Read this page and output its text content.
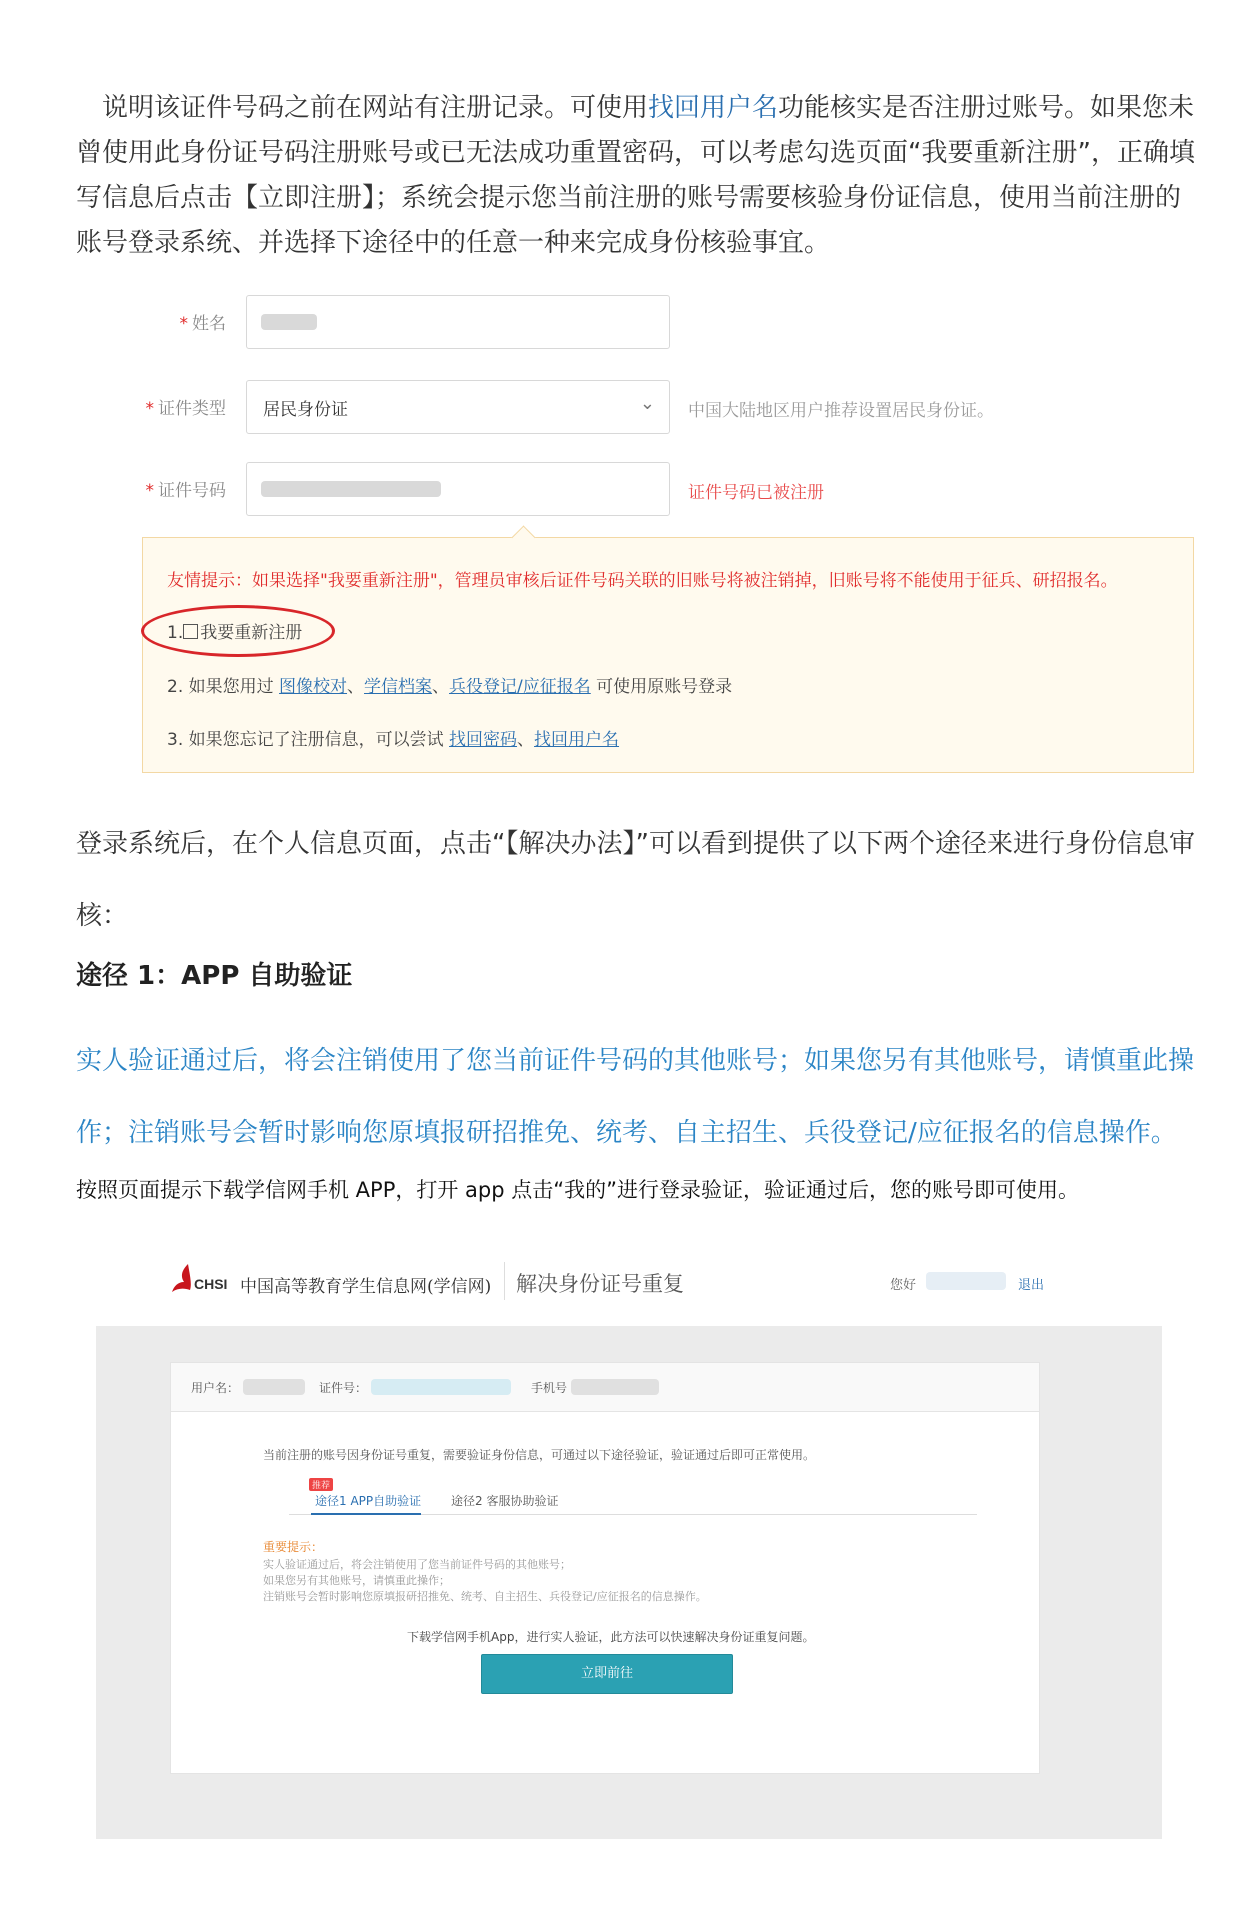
说明该证件号码之前在网站有注册记录。可使用找回用户名功能核实是否注册过账号。如果您未曾使用此身份证号码注册账号或已无法成功重置密码，可以考虑勾选页面“我要重新注册”，正确填写信息后点击【立即注册】；系统会提示您当前注册的账号需要核验身份证信息，使用当前注册的账号登录系统、并选择下途径中的任意一种来完成身份核验事宜。
* 姓名
* 证件类型 居民身份证	⌄ 中国大陆地区用户推荐设置居民身份证。
* 证件号码	证件号码已被注册
友情提示：如果选择"我要重新注册"，管理员审核后证件号码关联的旧账号将被注销掉，旧账号将不能使用于征兵、研招报名。
1. 我要重新注册
2. 如果您用过 图像校对、学信档案、兵役登记/应征报名 可使用原账号登录
3. 如果您忘记了注册信息，可以尝试 找回密码、找回用户名
登录系统后，在个人信息页面，点击“【解决办法】”可以看到提供了以下两个途径来进行身份信息审核：
途径 1：APP 自助验证
实人验证通过后，将会注销使用了您当前证件号码的其他账号；如果您另有其他账号，请慎重此操作；注销账号会暂时影响您原填报研招推免、统考、自主招生、兵役登记/应征报名的信息操作。
按照页面提示下载学信网手机 APP，打开 app 点击“我的”进行登录验证，验证通过后，您的账号即可使用。
CHSI 中国高等教育学生信息网(学信网) 解决身份证号重复	您好	退出
用户名：	证件号：	手机号
当前注册的账号因身份证号重复，需要验证身份信息，可通过以下途径验证，验证通过后即可正常使用。
推荐
途径1 APP自助验证 途径2 客服协助验证
重要提示：
实人验证通过后，将会注销使用了您当前证件号码的其他账号；
如果您另有其他账号，请慎重此操作；
注销账号会暂时影响您原填报研招推免、统考、自主招生、兵役登记/应征报名的信息操作。
下载学信网手机App，进行实人验证，此方法可以快速解决身份证重复问题。
立即前往
